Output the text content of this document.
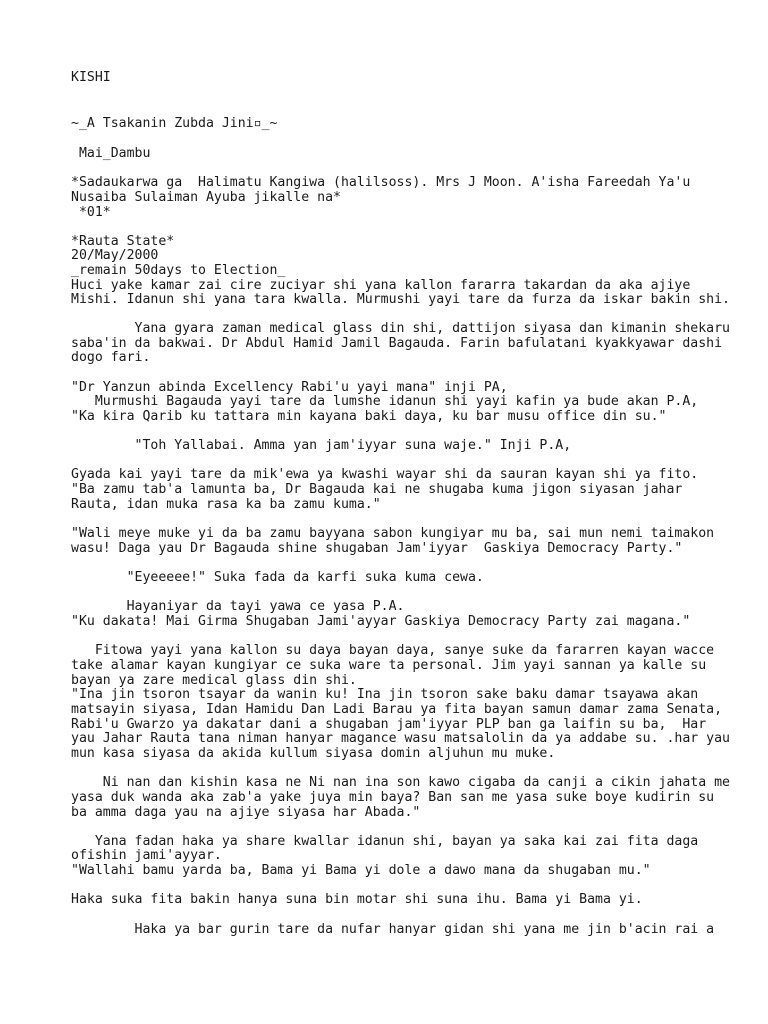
KISHI
~_A Tsakanin Zubda Jini▫_~
Mai_Dambu
*Sadaukarwa ga  Halimatu Kangiwa (halilsoss). Mrs J Moon. A'isha Fareedah Ya'u
Nusaiba Sulaiman Ayuba jikalle na*
*01*
*Rauta State*
20/May/2000
_remain 50days to Election_
Huci yake kamar zai cire zuciyar shi yana kallon fararra takardan da aka ajiye
Mishi. Idanun shi yana tara kwalla. Murmushi yayi tare da furza da iskar bakin shi.
Yana gyara zaman medical glass din shi, dattijon siyasa dan kimanin shekaru
saba'in da bakwai. Dr Abdul Hamid Jamil Bagauda. Farin bafulatani kyakkyawar dashi
dogo fari.
"Dr Yanzun abinda Excellency Rabi'u yayi mana" inji PA,
Murmushi Bagauda yayi tare da lumshe idanun shi yayi kafin ya bude akan P.A,
"Ka kira Qarib ku tattara min kayana baki daya, ku bar musu office din su."
"Toh Yallabai. Amma yan jam'iyyar suna waje." Inji P.A,
Gyada kai yayi tare da mik'ewa ya kwashi wayar shi da sauran kayan shi ya fito.
"Ba zamu tab'a lamunta ba, Dr Bagauda kai ne shugaba kuma jigon siyasan jahar
Rauta, idan muka rasa ka ba zamu kuma."
"Wali meye muke yi da ba zamu bayyana sabon kungiyar mu ba, sai mun nemi taimakon
wasu! Daga yau Dr Bagauda shine shugaban Jam'iyyar  Gaskiya Democracy Party."
"Eyeeeee!" Suka fada da karfi suka kuma cewa.
Hayaniyar da tayi yawa ce yasa P.A.
"Ku dakata! Mai Girma Shugaban Jami'ayyar Gaskiya Democracy Party zai magana."
Fitowa yayi yana kallon su daya bayan daya, sanye suke da fararren kayan wacce
take alamar kayan kungiyar ce suka ware ta personal. Jim yayi sannan ya kalle su
bayan ya zare medical glass din shi.
"Ina jin tsoron tsayar da wanin ku! Ina jin tsoron sake baku damar tsayawa akan
matsayin siyasa, Idan Hamidu Dan Ladi Barau ya fita bayan samun damar zama Senata,
Rabi'u Gwarzo ya dakatar dani a shugaban jam'iyyar PLP ban ga laifin su ba,  Har
yau Jahar Rauta tana niman hanyar magance wasu matsalolin da ya addabe su. .har yau
mun kasa siyasa da akida kullum siyasa domin aljuhun mu muke.
Ni nan dan kishin kasa ne Ni nan ina son kawo cigaba da canji a cikin jahata me
yasa duk wanda aka zab'a yake juya min baya? Ban san me yasa suke boye kudirin su
ba amma daga yau na ajiye siyasa har Abada."
Yana fadan haka ya share kwallar idanun shi, bayan ya saka kai zai fita daga
ofishin jami'ayyar.
"Wallahi bamu yarda ba, Bama yi Bama yi dole a dawo mana da shugaban mu."
Haka suka fita bakin hanya suna bin motar shi suna ihu. Bama yi Bama yi.
Haka ya bar gurin tare da nufar hanyar gidan shi yana me jin b'acin rai a
